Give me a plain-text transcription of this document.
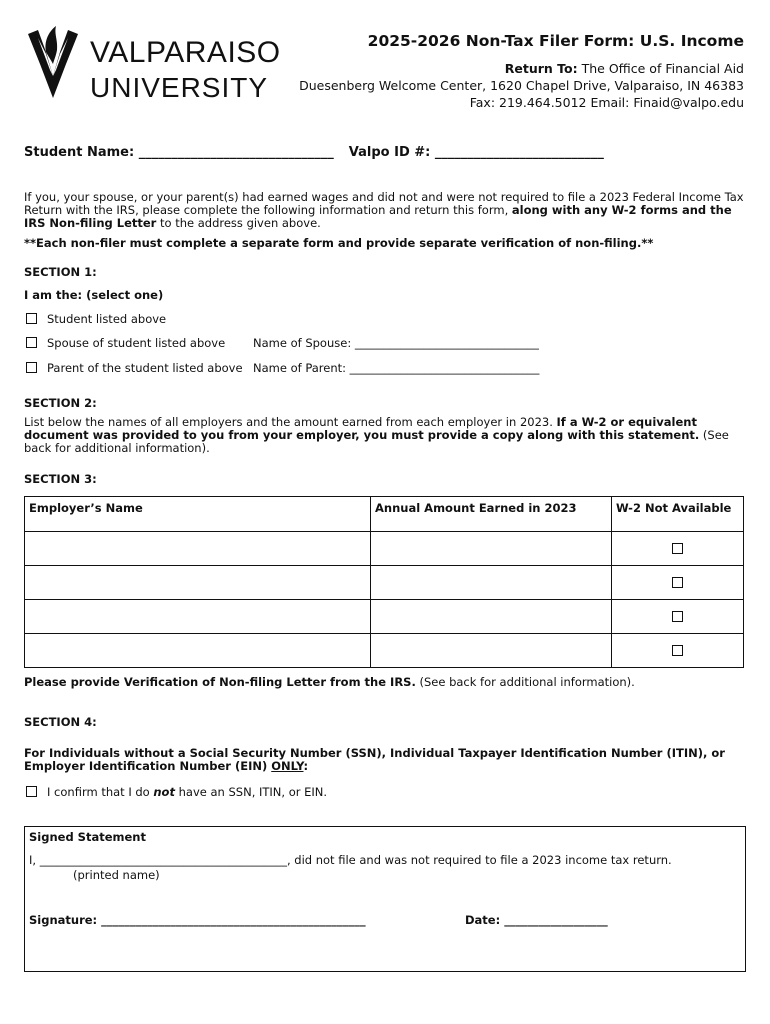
VALPARAISO
UNIVERSITY
2025-2026 Non-Tax Filer Form: U.S. Income
Return To: The Office of Financial Aid
Duesenberg Welcome Center, 1620 Chapel Drive, Valparaiso, IN 46383
Fax: 219.464.5012 Email: Finaid@valpo.edu
Student Name: ______________________________ Valpo ID #: __________________________
If you, your spouse, or your parent(s) had earned wages and did not and were not required to file a 2023 Federal Income Tax Return with the IRS, please complete the following information and return this form, along with any W-2 forms and the IRS Non-filing Letter to the address given above.
**Each non-filer must complete a separate form and provide separate verification of non-filing.**
SECTION 1:
I am the: (select one)
Student listed above
Spouse of student listed above Name of Spouse: ________________________________
Parent of the student listed above Name of Parent: _________________________________
SECTION 2:
List below the names of all employers and the amount earned from each employer in 2023. If a W-2 or equivalent document was provided to you from your employer, you must provide a copy along with this statement. (See back for additional information).
SECTION 3:
Employer’s Name	Annual Amount Earned in 2023	W-2 Not Available

Please provide Verification of Non-filing Letter from the IRS. (See back for additional information).
SECTION 4:
For Individuals without a Social Security Number (SSN), Individual Taxpayer Identification Number (ITIN), or Employer Identification Number (EIN) ONLY:
I confirm that I do not have an SSN, ITIN, or EIN.
Signed Statement
I, ___________________________________________, did not file and was not required to file a 2023 income tax return.
(printed name)
Signature: ______________________________________________	Date: __________________
